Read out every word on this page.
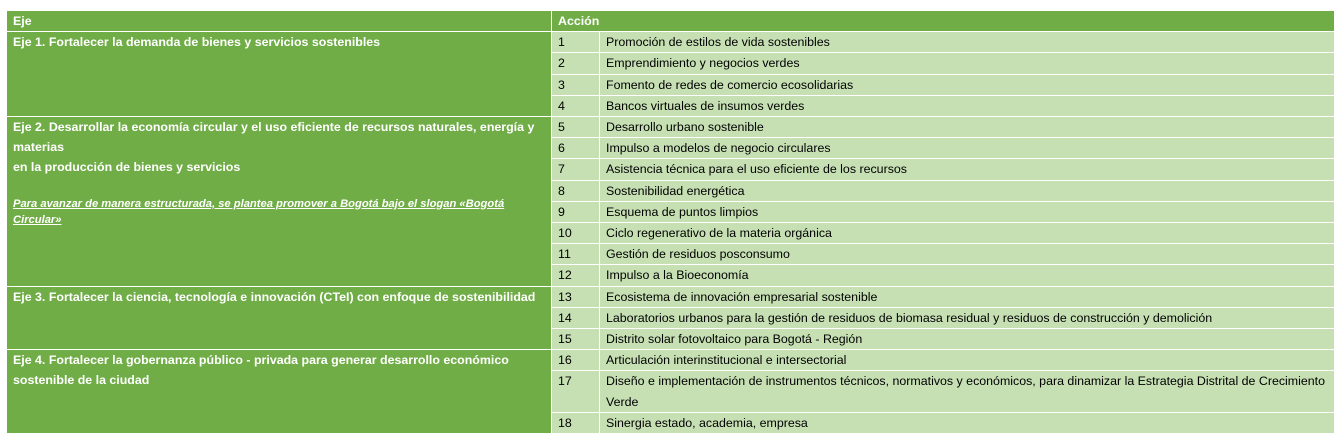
Eje	Acción	
Eje 1. Fortalecer la demanda de bienes y servicios sostenibles	1	Promoción de estilos de vida sostenibles
	2	Emprendimiento y negocios verdes
	3	Fomento de redes de comercio ecosolidarias
	4	Bancos virtuales de insumos verdes
Eje 2. Desarrollar la economía circular y el uso eficiente de recursos naturales, energía y materias
en la producción de bienes y servicios
Para avanzar de manera estructurada, se plantea promover a Bogotá bajo el slogan «Bogotá Circular»	5	Desarrollo urbano sostenible
	6	Impulso a modelos de negocio circulares
	7	Asistencia técnica para el uso eficiente de los recursos
	8	Sostenibilidad energética
	9	Esquema de puntos limpios
	10	Ciclo regenerativo de la materia orgánica
	11	Gestión de residuos posconsumo
	12	Impulso a la Bioeconomía
Eje 3. Fortalecer la ciencia, tecnología e innovación (CTeI) con enfoque de sostenibilidad	13	Ecosistema de innovación empresarial sostenible
	14	Laboratorios urbanos para la gestión de residuos de biomasa residual y residuos de construcción y demolición
	15	Distrito solar fotovoltaico para Bogotá - Región
Eje 4. Fortalecer la gobernanza público - privada para generar desarrollo económico sostenible de la ciudad	16	Articulación interinstitucional e intersectorial
	17	Diseño e implementación de instrumentos técnicos, normativos y económicos, para dinamizar la Estrategia Distrital de Crecimiento Verde
	18	Sinergia estado, academia, empresa
